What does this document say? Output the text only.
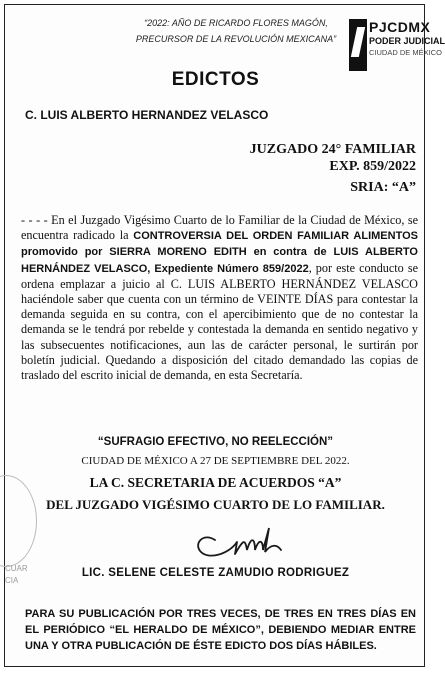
“2022: AÑO DE RICARDO FLORES MAGÓN,
PRECURSOR DE LA REVOLUCIÓN MEXICANA”
PJCDMX
PODER JUDICIAL
CIUDAD DE MÉXICO
EDICTOS
C. LUIS ALBERTO HERNANDEZ VELASCO
JUZGADO 24° FAMILIAR
EXP. 859/2022
SRIA: “A”
- - - - En el Juzgado Vigésimo Cuarto de lo Familiar de la Ciudad de México, se encuentra radicado la CONTROVERSIA DEL ORDEN FAMILIAR ALIMENTOS promovido por SIERRA MORENO EDITH en contra de LUIS ALBERTO HERNÁNDEZ VELASCO, Expediente Número 859/2022, por este conducto se ordena emplazar a juicio al C. LUIS ALBERTO HERNÁNDEZ VELASCO haciéndole saber que cuenta con un término de VEINTE DÍAS para contestar la demanda seguida en su contra, con el apercibimiento que de no contestar la demanda se le tendrá por rebelde y contestada la demanda en sentido negativo y las subsecuentes notificaciones, aun las de carácter personal, le surtirán por boletín judicial. Quedando a disposición del citado demandado las copias de traslado del escrito inicial de demanda, en esta Secretaría.
“SUFRAGIO EFECTIVO, NO REELECCIÓN”
CIUDAD DE MÉXICO A 27 DE SEPTIEMBRE DEL 2022.
LA C. SECRETARIA DE ACUERDOS “A”
DEL JUZGADO VIGÉSIMO CUARTO DE LO FAMILIAR.
CUAR
CIA
LIC. SELENE CELESTE ZAMUDIO RODRIGUEZ
PARA SU PUBLICACIÓN POR TRES VECES, DE TRES EN TRES DÍAS EN EL PERIÓDICO “EL HERALDO DE MÉXICO”, DEBIENDO MEDIAR ENTRE UNA Y OTRA PUBLICACIÓN DE ÉSTE EDICTO DOS DÍAS HÁBILES.
